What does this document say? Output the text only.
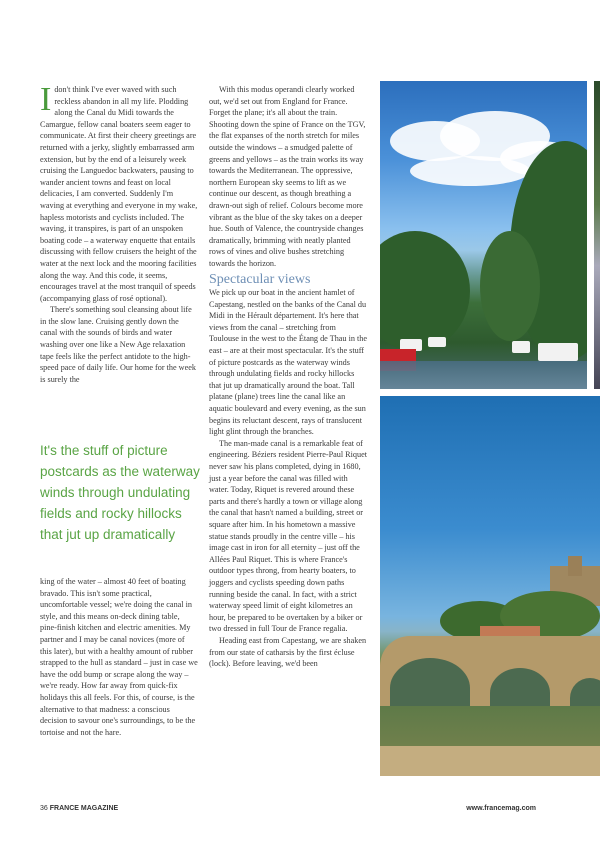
Idon't think I've ever waved with such reckless abandon in all my life. Plodding along the Canal du Midi towards the Camargue, fellow canal boaters seem eager to communicate. At first their cheery greetings are returned with a jerky, slightly embarrassed arm extension, but by the end of a leisurely week cruising the Languedoc backwaters, pausing to wander ancient towns and feast on local delicacies, I am converted. Suddenly I'm waving at everything and everyone in my wake, hapless motorists and cyclists included. The waving, it transpires, is part of an unspoken boating code – a waterway enquette that entails discussing with fellow cruisers the height of the water at the next lock and the mooring facilities along the way. And this code, it seems, encourages travel at the most tranquil of speeds (accompanying glass of rosé optional).

There's something soul cleansing about life in the slow lane. Cruising gently down the canal with the sounds of birds and water washing over one like a New Age relaxation tape feels like the perfect antidote to the high-speed pace of daily life. Our home for the week is surely the

It's the stuff of picture postcards as the waterway winds through undulating fields and rocky hillocks that jut up dramatically

king of the water – almost 40 feet of boating bravado. This isn't some practical, uncomfortable vessel; we're doing the canal in style, and this means on-deck dining table, pine-finish kitchen and electric amenities. My partner and I may be canal novices (more of this later), but with a healthy amount of rubber strapped to the hull as standard – just in case we have the odd bump or scrape along the way – we're ready. How far away from quick-fix holidays this all feels. For this, of course, is the alternative to that madness: a conscious decision to savour one's surroundings, to be the tortoise and not the hare.

With this modus operandi clearly worked out, we'd set out from England for France. Forget the plane; it's all about the train. Shooting down the spine of France on the TGV, the flat expanses of the north stretch for miles outside the windows – a smudged palette of greens and yellows – as the train works its way towards the Mediterranean. The oppressive, northern European sky seems to lift as we continue our descent, as though breathing a drawn-out sigh of relief. Colours become more vibrant as the blue of the sky takes on a deeper hue. South of Valence, the countryside changes dramatically, brimming with neatly planted rows of vines and olive bushes stretching towards the horizon.

Spectacular views

We pick up our boat in the ancient hamlet of Capestang, nestled on the banks of the Canal du Midi in the Hérault département. It's here that views from the canal – stretching from Toulouse in the west to the Étang de Thau in the east – are at their most spectacular. It's the stuff of picture postcards as the waterway winds through undulating fields and rocky hillocks that jut up dramatically around the boat. Tall platane (plane) trees line the canal like an aquatic boulevard and every evening, as the sun begins its reluctant descent, rays of translucent light glint through the branches.

The man-made canal is a remarkable feat of engineering. Béziers resident Pierre-Paul Riquet never saw his plans completed, dying in 1680, just a year before the canal was filled with water. Today, Riquet is revered around these parts and there's hardly a town or village along the canal that hasn't named a building, street or square after him. In his hometown a massive statue stands proudly in the centre ville – his image cast in iron for all eternity – just off the Allées Paul Riquet. This is where France's outdoor types throng, from hearty boaters, to joggers and cyclists speeding down paths running beside the canal. In fact, with a strict waterway speed limit of eight kilometres an hour, be prepared to be overtaken by a biker or two dressed in full Tour de France regalia.

Heading east from Capestang, we are shaken from our state of catharsis by the first écluse (lock). Before leaving, we'd been

36 FRANCE MAGAZINE	www.francemag.com
